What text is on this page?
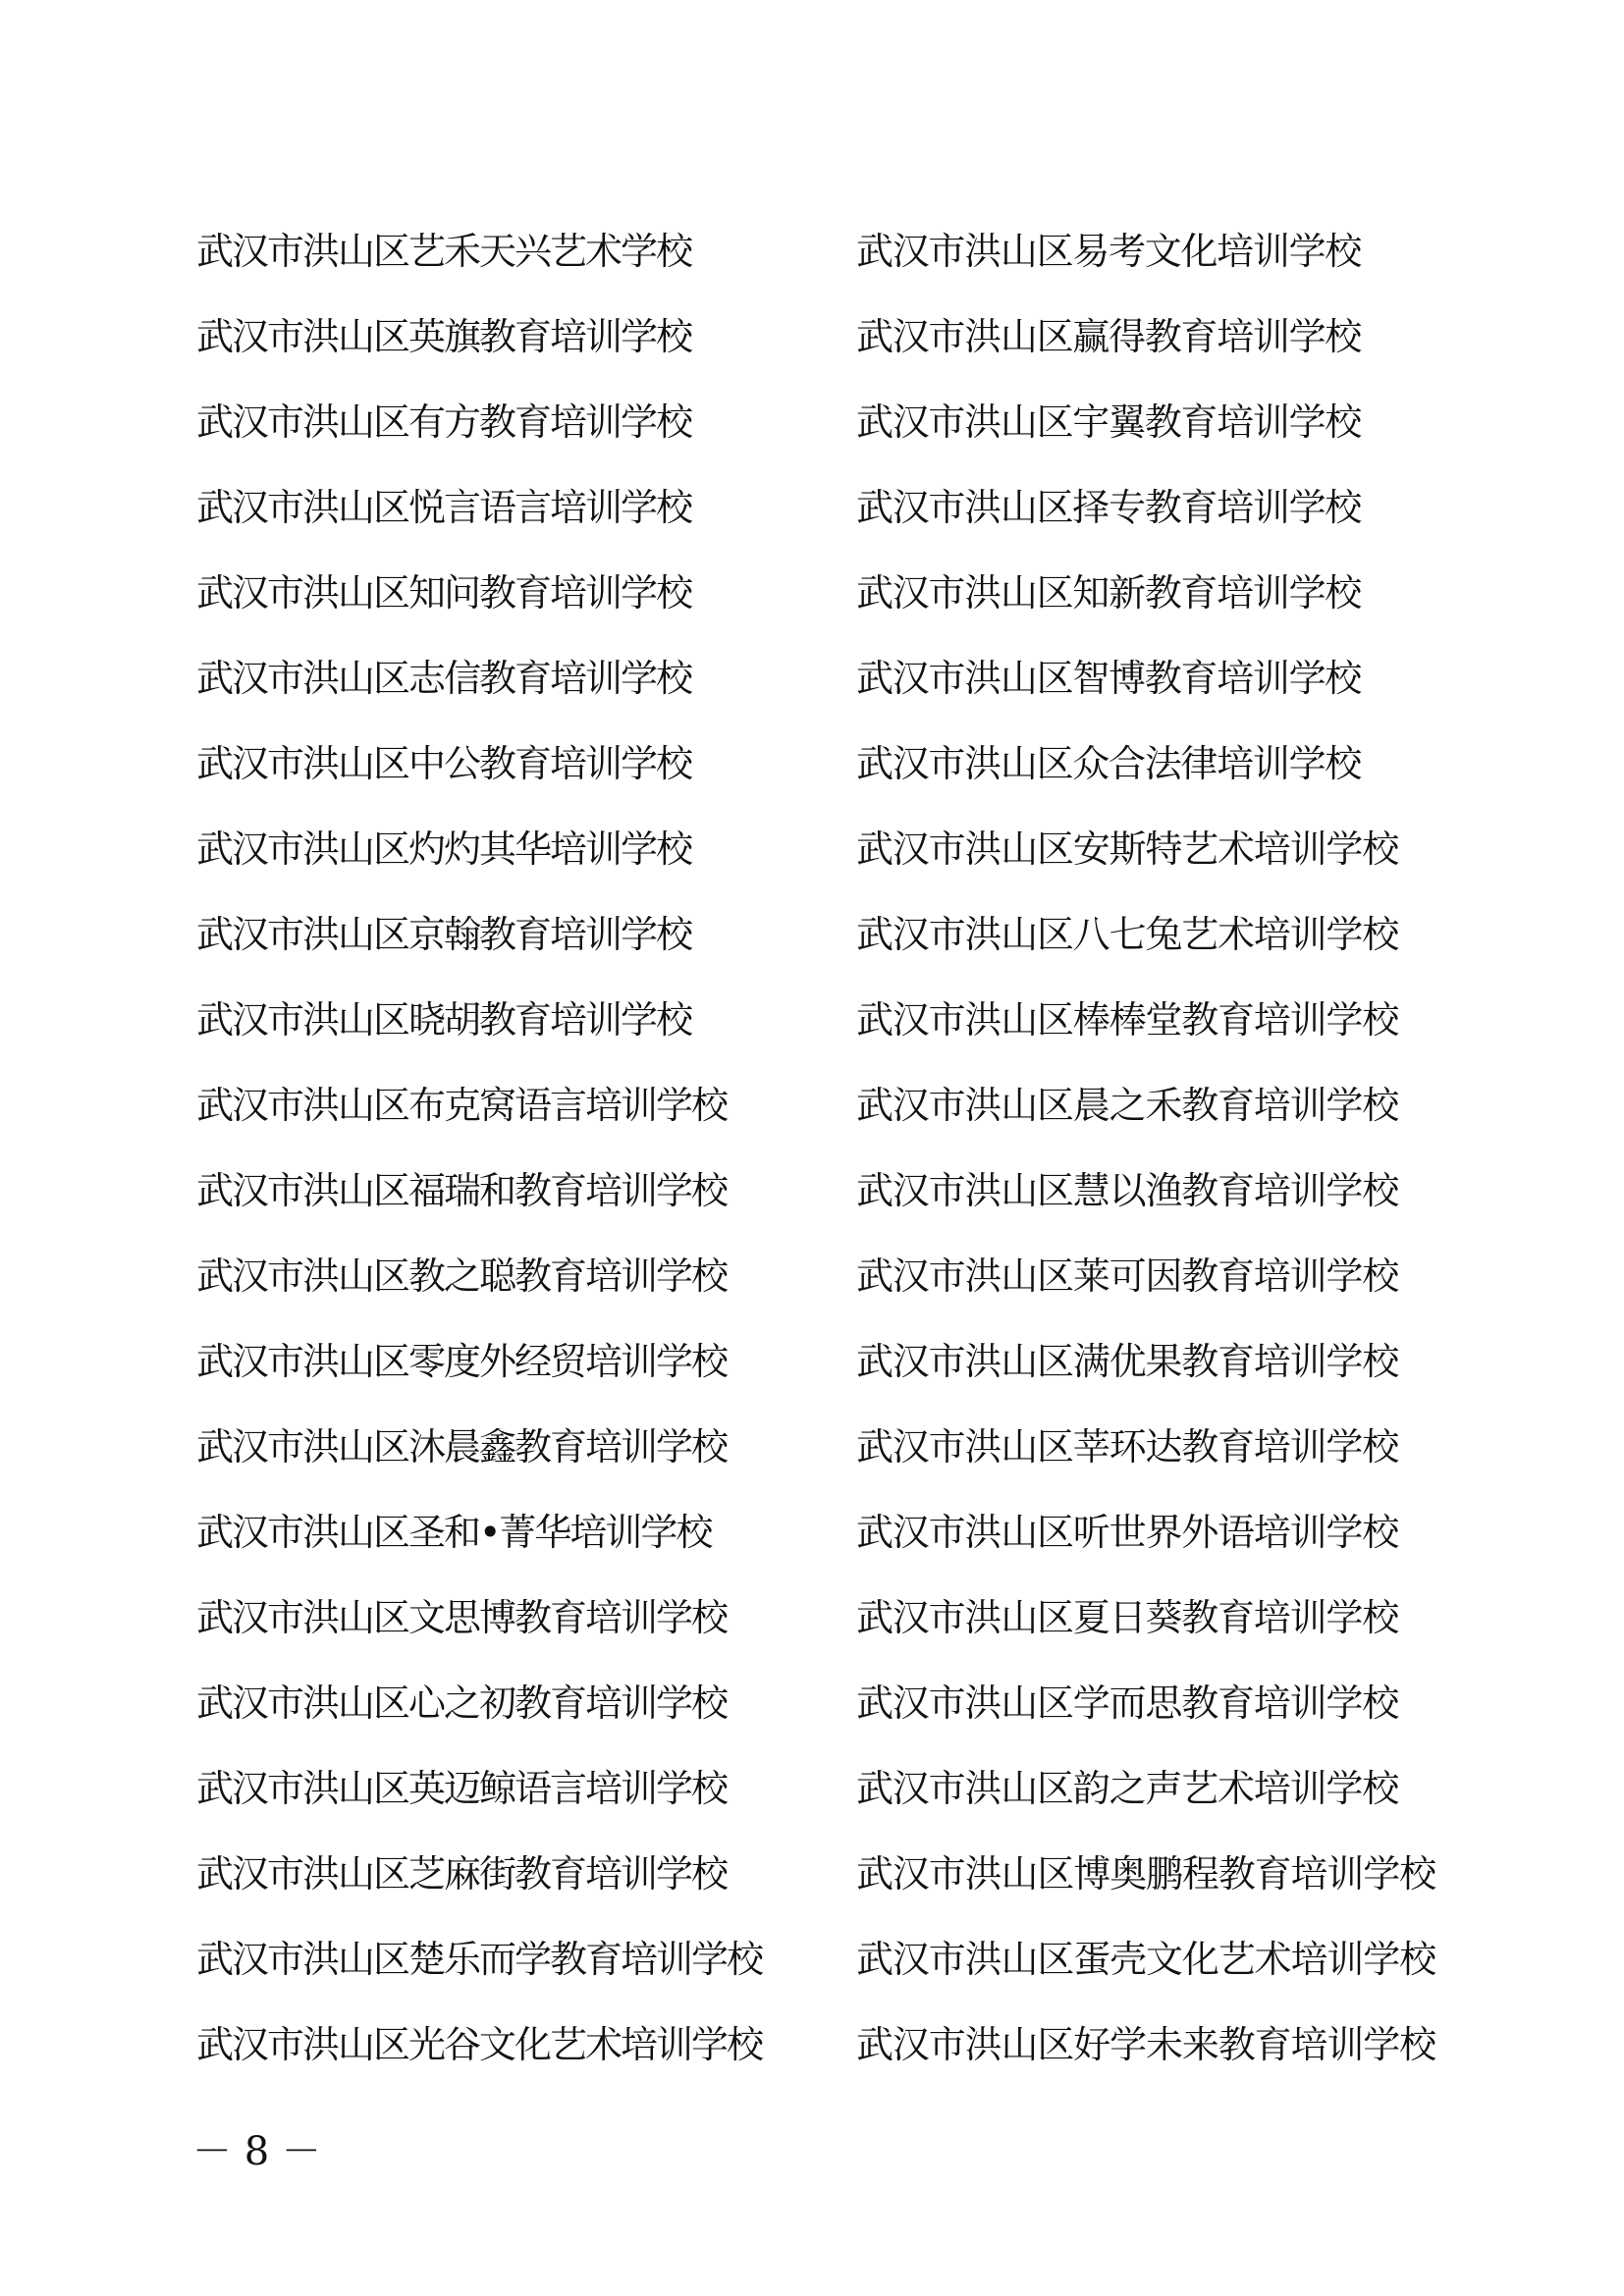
武汉市洪山区艺禾天兴艺术学校	武汉市洪山区易考文化培训学校
武汉市洪山区英旗教育培训学校	武汉市洪山区赢得教育培训学校
武汉市洪山区有方教育培训学校	武汉市洪山区宇翼教育培训学校
武汉市洪山区悦言语言培训学校	武汉市洪山区择专教育培训学校
武汉市洪山区知问教育培训学校	武汉市洪山区知新教育培训学校
武汉市洪山区志信教育培训学校	武汉市洪山区智博教育培训学校
武汉市洪山区中公教育培训学校	武汉市洪山区众合法律培训学校
武汉市洪山区灼灼其华培训学校	武汉市洪山区安斯特艺术培训学校
武汉市洪山区京翰教育培训学校	武汉市洪山区八七兔艺术培训学校
武汉市洪山区晓胡教育培训学校	武汉市洪山区棒棒堂教育培训学校
武汉市洪山区布克窝语言培训学校	武汉市洪山区晨之禾教育培训学校
武汉市洪山区福瑞和教育培训学校	武汉市洪山区慧以渔教育培训学校
武汉市洪山区教之聪教育培训学校	武汉市洪山区莱可因教育培训学校
武汉市洪山区零度外经贸培训学校	武汉市洪山区满优果教育培训学校
武汉市洪山区沐晨鑫教育培训学校	武汉市洪山区莘环达教育培训学校
武汉市洪山区圣和•菁华培训学校	武汉市洪山区听世界外语培训学校
武汉市洪山区文思博教育培训学校	武汉市洪山区夏日葵教育培训学校
武汉市洪山区心之初教育培训学校	武汉市洪山区学而思教育培训学校
武汉市洪山区英迈鲸语言培训学校	武汉市洪山区韵之声艺术培训学校
武汉市洪山区芝麻街教育培训学校	武汉市洪山区博奥鹏程教育培训学校
武汉市洪山区楚乐而学教育培训学校	武汉市洪山区蛋壳文化艺术培训学校
武汉市洪山区光谷文化艺术培训学校	武汉市洪山区好学未来教育培训学校
－ 8 －
